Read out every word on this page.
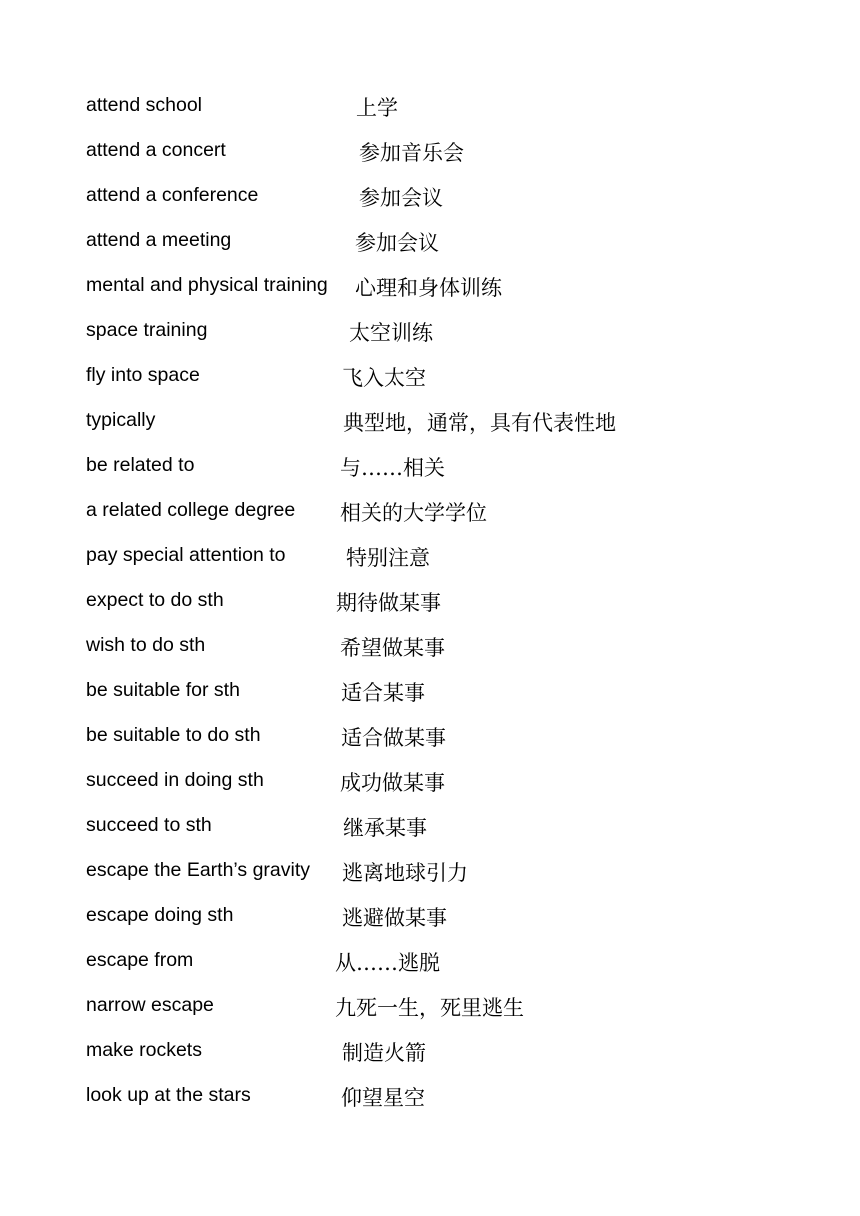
attend school	上学
attend a concert	参加音乐会
attend a conference	参加会议
attend a meeting	参加会议
mental and physical training 心理和身体训练
space training	太空训练
fly into space	飞入太空
typically	典型地，通常，具有代表性地
be related to	与……相关
a related college degree 相关的大学学位
pay special attention to	特别注意
expect to do sth	期待做某事
wish to do sth	希望做某事
be suitable for sth	适合某事
be suitable to do sth	适合做某事
succeed in doing sth	成功做某事
succeed to sth	继承某事
escape the Earth’s gravity 逃离地球引力
escape doing sth	逃避做某事
escape from	从……逃脱
narrow escape	九死一生，死里逃生
make rockets	制造火箭
look up at the stars	仰望星空
